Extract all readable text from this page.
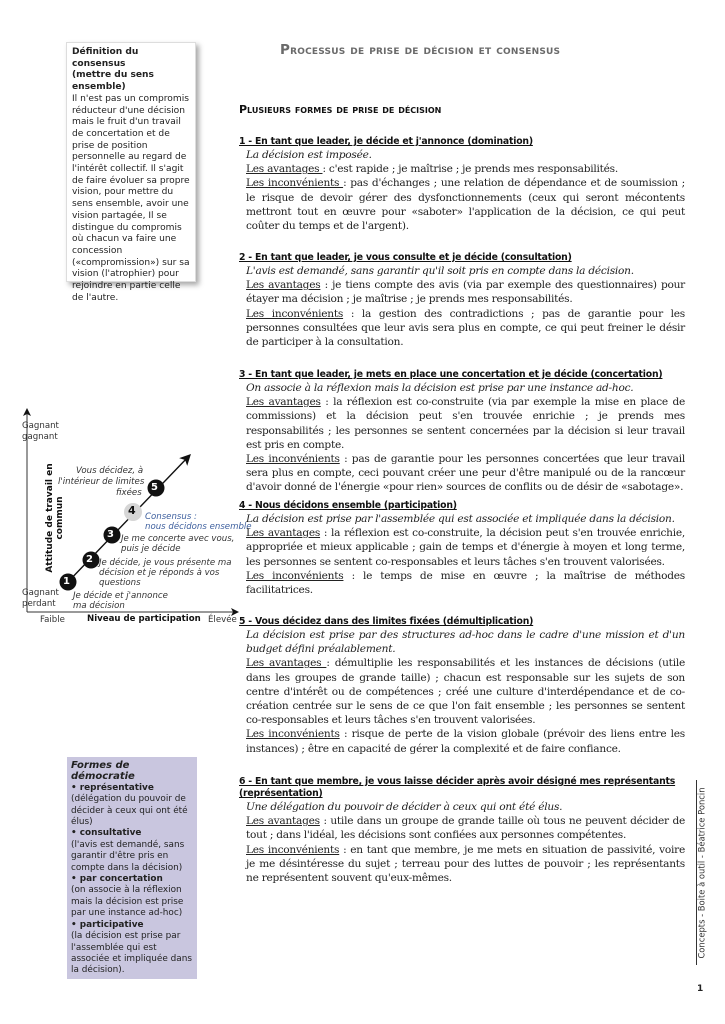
Processus de prise de décision et consensus
Plusieurs formes de prise de décision
Définition du consensus
(mettre du sens ensemble)
Il n'est pas un compromis réducteur d'une décision mais le fruit d'un travail de concertation et de prise de position personnelle au regard de l'intérêt collectif. Il s'agit de faire évoluer sa propre vision, pour mettre du sens ensemble, avoir une vision partagée, Il se distingue du compromis où chacun va faire une concession («compromission») sur sa vision (l'atrophier) pour rejoindre en partie celle de l'autre.
1
2
3
4
5
Gagnant
gagnant
Attitude de travail en commun
Gagnant
perdant
Faible	Niveau de participation Élevée
Je décide et j'annonce
ma décision
Je décide, je vous présente ma
décision et je réponds à vos
questions
Je me concerte avec vous,
puis je décide
Consensus :
nous décidons ensemble
Vous décidez, à
l'intérieur de limites
fixées
Formes de démocratie
• représentative
(délégation du pouvoir de décider à ceux qui ont été élus)
• consultative
(l'avis est demandé, sans garantir d'être pris en compte dans la décision)
• par concertation
(on associe à la réflexion mais la décision est prise par une instance ad-hoc)
• participative
(la décision est prise par l'assemblée qui est associée et impliquée dans la décision).
1 - En tant que leader, je décide et j'annonce (domination)
La décision est imposée.
Les avantages : c'est rapide ; je maîtrise ; je prends mes responsabilités.
Les inconvénients : pas d'échanges ; une relation de dépendance et de soumission ; le risque de devoir gérer des dysfonctionnements (ceux qui seront mécontents mettront tout en œuvre pour «saboter» l'application de la décision, ce qui peut coûter du temps et de l'argent).
2 - En tant que leader, je vous consulte et je décide (consultation)
L'avis est demandé, sans garantir qu'il soit pris en compte dans la décision.
Les avantages : je tiens compte des avis (via par exemple des questionnaires) pour étayer ma décision ; je maîtrise ; je prends mes responsabilités.
Les inconvénients : la gestion des contradictions ; pas de garantie pour les personnes consultées que leur avis sera plus en compte, ce qui peut freiner le désir de participer à la consultation.
3 - En tant que leader, je mets en place une concertation et je décide (concertation)
On associe à la réflexion mais la décision est prise par une instance ad-hoc.
Les avantages : la réflexion est co-construite (via par exemple la mise en place de commissions) et la décision peut s'en trouvée enrichie ; je prends mes responsabilités ; les personnes se sentent concernées par la décision si leur travail est pris en compte.
Les inconvénients : pas de garantie pour les personnes concertées que leur travail sera plus en compte, ceci pouvant créer une peur d'être manipulé ou de la rancœur d'avoir donné de l'énergie «pour rien» sources de conflits ou de désir de «sabotage».
4 - Nous décidons ensemble (participation)
La décision est prise par l'assemblée qui est associée et impliquée dans la décision.
Les avantages : la réflexion est co-construite, la décision peut s'en trouvée enrichie, appropriée et mieux applicable ; gain de temps et d'énergie à moyen et long terme, les personnes se sentent co-responsables et leurs tâches s'en trouvent valorisées.
Les inconvénients : le temps de mise en œuvre ; la maîtrise de méthodes facilitatrices.
5 - Vous décidez dans des limites fixées (démultiplication)
La décision est prise par des structures ad-hoc dans le cadre d'une mission et d'un budget défini préalablement.
Les avantages : démultiplie les responsabilités et les instances de décisions (utile dans les groupes de grande taille) ; chacun est responsable sur les sujets de son centre d'intérêt ou de compétences ; créé une culture d'interdépendance et de co-création centrée sur le sens de ce que l'on fait ensemble ; les personnes se sentent co-responsables et leurs tâches s'en trouvent valorisées.
Les inconvénients : risque de perte de la vision globale (prévoir des liens entre les instances) ; être en capacité de gérer la complexité et de faire confiance.
6 - En tant que membre, je vous laisse décider après avoir désigné mes représentants (représentation)
Une délégation du pouvoir de décider à ceux qui ont été élus.
Les avantages : utile dans un groupe de grande taille où tous ne peuvent décider de tout ; dans l'idéal, les décisions sont confiées aux personnes compétentes.
Les inconvénients : en tant que membre, je me mets en situation de passivité, voire je me désintéresse du sujet ; terreau pour des luttes de pouvoir ; les représentants ne représentent souvent qu'eux-mêmes.	Concepts - Boite à outil - Béatrice Poncin
1
